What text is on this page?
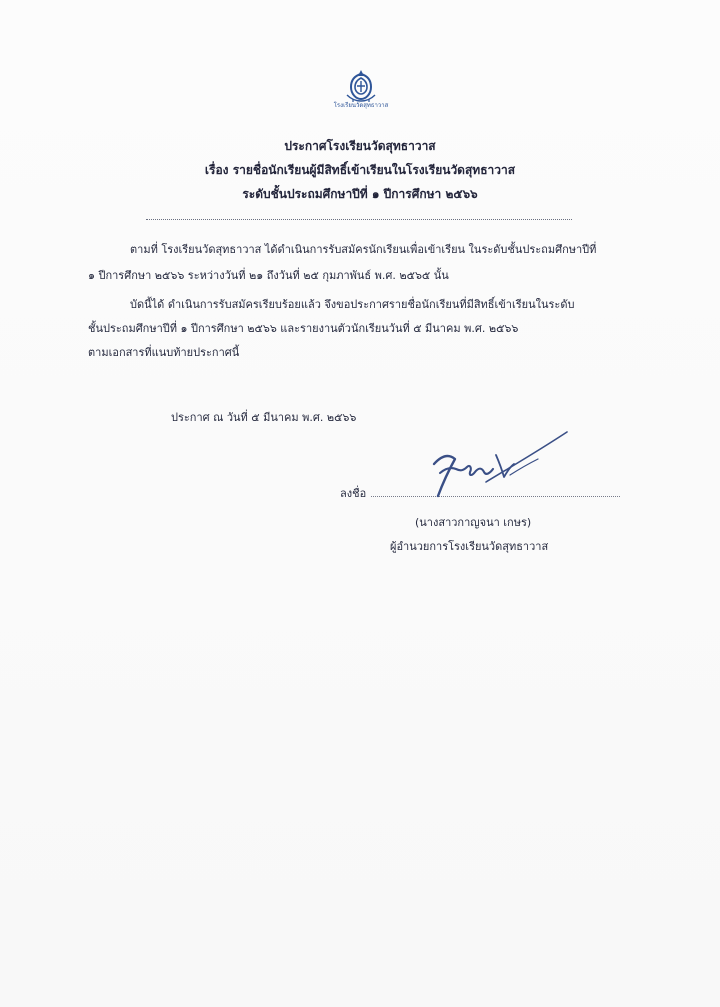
โรงเรียนวัดสุทธาวาส
ประกาศโรงเรียนวัดสุทธาวาส
เรื่อง รายชื่อนักเรียนผู้มีสิทธิ์เข้าเรียนในโรงเรียนวัดสุทธาวาส
ระดับชั้นประถมศึกษาปีที่ ๑ ปีการศึกษา ๒๕๖๖
ตามที่ โรงเรียนวัดสุทธาวาส ได้ดำเนินการรับสมัครนักเรียนเพื่อเข้าเรียน ในระดับชั้นประถมศึกษาปีที่
๑ ปีการศึกษา ๒๕๖๖ ระหว่างวันที่ ๒๑ ถึงวันที่ ๒๕ กุมภาพันธ์ พ.ศ. ๒๕๖๕ นั้น
บัดนี้ได้ ดำเนินการรับสมัครเรียบร้อยแล้ว จึงขอประกาศรายชื่อนักเรียนที่มีสิทธิ์เข้าเรียนในระดับ
ชั้นประถมศึกษาปีที่ ๑ ปีการศึกษา ๒๕๖๖ และรายงานตัวนักเรียนวันที่ ๕ มีนาคม พ.ศ. ๒๕๖๖
ตามเอกสารที่แนบท้ายประกาศนี้
ประกาศ ณ วันที่ ๕ มีนาคม พ.ศ. ๒๕๖๖
ลงชื่อ
(นางสาวกาญจนา เกษร)
ผู้อำนวยการโรงเรียนวัดสุทธาวาส
